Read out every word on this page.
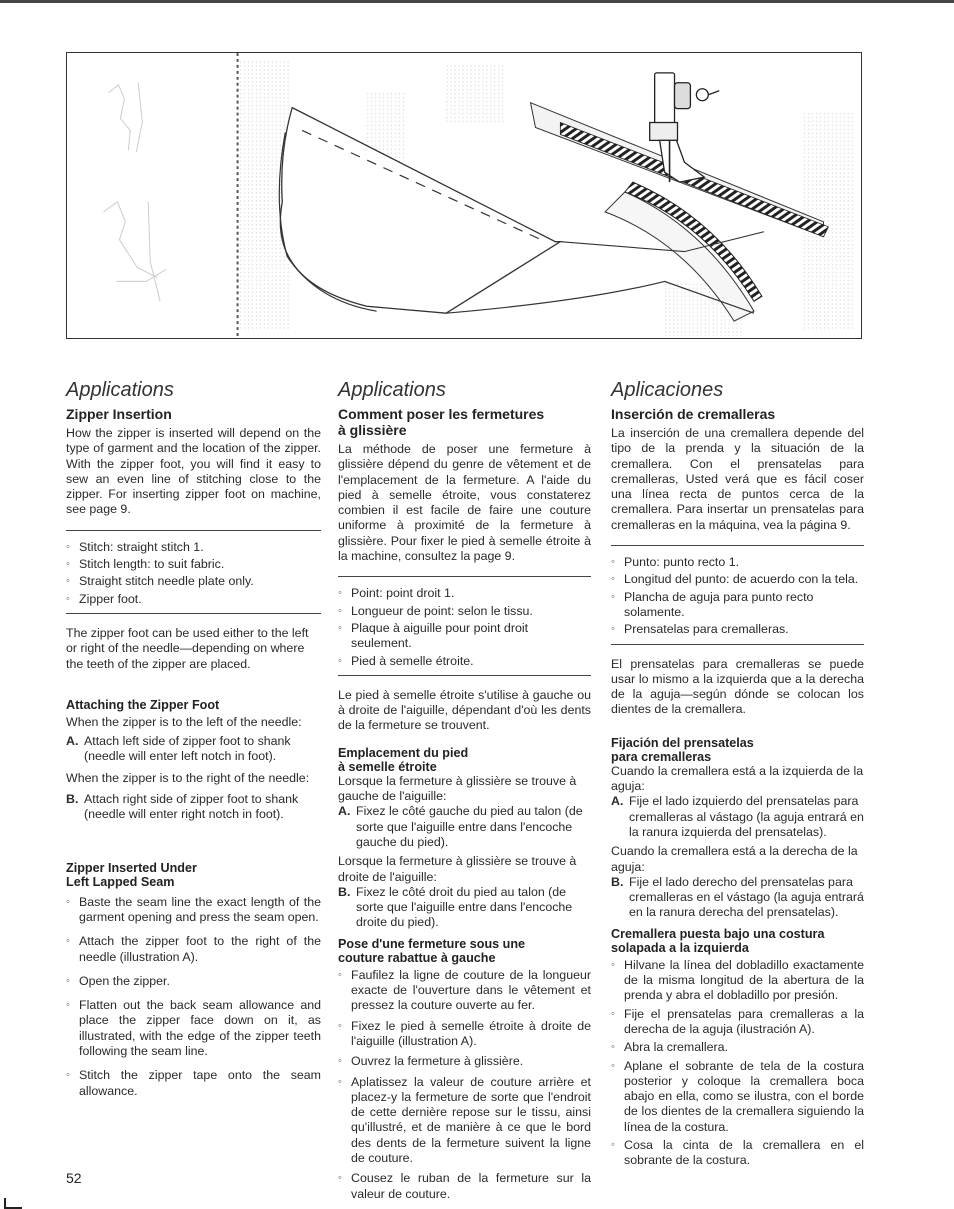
Applications
Zipper Insertion

How the zipper is inserted will depend on the type of garment and the location of the zipper. With the zipper foot, you will find it easy to sew an even line of stitching close to the zipper. For inserting zipper foot on machine, see page 9.

◦ Stitch: straight stitch 1.
◦ Stitch length: to suit fabric.
◦ Straight stitch needle plate only.
◦ Zipper foot.

The zipper foot can be used either to the left or right of the needle—depending on where the teeth of the zipper are placed.

Attaching the Zipper Foot

When the zipper is to the left of the needle:

A. Attach left side of zipper foot to shank (needle will enter left notch in foot).

When the zipper is to the right of the needle:

B. Attach right side of zipper foot to shank (needle will enter right notch in foot).
Zipper Inserted Under
Left Lapped Seam
◦ Baste the seam line the exact length of the garment opening and press the seam open.
◦ Attach the zipper foot to the right of the needle (illustration A).
◦ Open the zipper.
◦ Flatten out the back seam allowance and place the zipper face down on it, as illustrated, with the edge of the zipper teeth following the seam line.
◦ Stitch the zipper tape onto the seam allowance.
Applications
Comment poser les fermetures
à glissière

La méthode de poser une fermeture à glissière dépend du genre de vêtement et de l'emplacement de la fermeture. A l'aide du pied à semelle étroite, vous constaterez combien il est facile de faire une couture uniforme à proximité de la fermeture à glissière. Pour fixer le pied à semelle étroite à la machine, consultez la page 9.

◦ Point: point droit 1.
◦ Longueur de point: selon le tissu.
◦ Plaque à aiguille pour point droit seulement.
◦ Pied à semelle étroite.

Le pied à semelle étroite s'utilise à gauche ou à droite de l'aiguille, dépendant d'où les dents de la fermeture se trouvent.

Emplacement du pied
à semelle étroite

Lorsque la fermeture à glissière se trouve à gauche de l'aiguille:

A. Fixez le côté gauche du pied au talon (de sorte que l'aiguille entre dans l'encoche gauche du pied).

Lorsque la fermeture à glissière se trouve à droite de l'aiguille:

B. Fixez le côté droit du pied au talon (de sorte que l'aiguille entre dans l'encoche droite du pied).
Pose d'une fermeture sous une
couture rabattue à gauche
◦ Faufilez la ligne de couture de la longueur exacte de l'ouverture dans le vêtement et pressez la couture ouverte au fer.
◦ Fixez le pied à semelle étroite à droite de l'aiguille (illustration A).
◦ Ouvrez la fermeture à glissière.
◦ Aplatissez la valeur de couture arrière et placez-y la fermeture de sorte que l'endroit de cette dernière repose sur le tissu, ainsi qu'illustré, et de manière à ce que le bord des dents de la fermeture suivent la ligne de couture.
◦ Cousez le ruban de la fermeture sur la valeur de couture.
Aplicaciones
Inserción de cremalleras

La inserción de una cremallera depende del tipo de la prenda y la situación de la cremallera. Con el prensatelas para cremalleras, Usted verá que es fácil coser una línea recta de puntos cerca de la cremallera. Para insertar un prensatelas para cremalleras en la máquina, vea la página 9.

◦ Punto: punto recto 1.
◦ Longitud del punto: de acuerdo con la tela.
◦ Plancha de aguja para punto recto solamente.
◦ Prensatelas para cremalleras.

El prensatelas para cremalleras se puede usar lo mismo a la izquierda que a la derecha de la aguja—según dónde se colocan los dientes de la cremallera.

Fijación del prensatelas
para cremalleras

Cuando la cremallera está a la izquierda de la aguja:

A. Fije el lado izquierdo del prensatelas para cremalleras al vástago (la aguja entrará en la ranura izquierda del prensatelas).

Cuando la cremallera está a la derecha de la aguja:

B. Fije el lado derecho del prensatelas para cremalleras en el vástago (la aguja entrará en la ranura derecha del prensatelas).
Cremallera puesta bajo una costura
solapada a la izquierda
◦ Hilvane la línea del dobladillo exactamente de la misma longitud de la abertura de la prenda y abra el dobladillo por presión.
◦ Fije el prensatelas para cremalleras a la derecha de la aguja (ilustración A).
◦ Abra la cremallera.
◦ Aplane el sobrante de tela de la costura posterior y coloque la cremallera boca abajo en ella, como se ilustra, con el borde de los dientes de la cremallera siguiendo la línea de la costura.
◦ Cosa la cinta de la cremallera en el sobrante de la costura.
52
